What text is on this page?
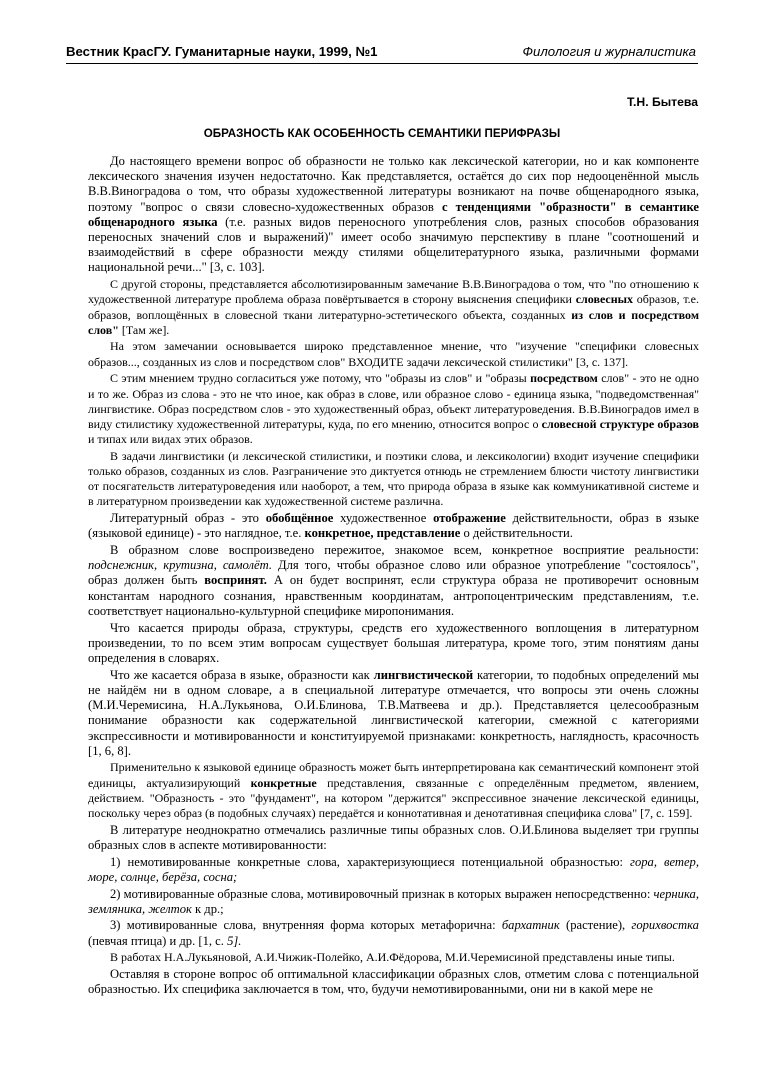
Вестник КрасГУ. Гуманитарные науки, 1999, №1	Филология и журналистика
Т.Н. Бытева
ОБРАЗНОСТЬ КАК ОСОБЕННОСТЬ СЕМАНТИКИ ПЕРИФРАЗЫ

До настоящего времени вопрос об образности не только как лексической категории, но и как компоненте лексического значения изучен недостаточно. Как представляется, остаётся до сих пор недооценённой мысль В.В.Виноградова о том, что образы художественной литературы возникают на почве общенародного языка, поэтому "вопрос о связи словесно-художественных образов с тенденциями "образности" в семантике общенародного языка (т.е. разных видов переносного употребления слов, разных способов образования переносных значений слов и выражений)" имеет особо значимую перспективу в плане "соотношений и взаимодействий в сфере образности между стилями общелитературного языка, различными формами национальной речи..." [3, с. 103].

С другой стороны, представляется абсолютизированным замечание В.В.Виноградова о том, что "по отношению к художественной литературе проблема образа повёртывается в сторону выяснения специфики словесных образов, т.е. образов, воплощённых в словесной ткани литературно-эстетического объекта, созданных из слов и посредством слов" [Там же].

На этом замечании основывается широко представленное мнение, что "изучение "специфики словесных образов..., созданных из слов и посредством слов" ВХОДИТЕ задачи лексической стилистики" [3, с. 137].

С этим мнением трудно согласиться уже потому, что "образы из слов" и "образы посредством слов" - это не одно и то же. Образ из слова - это не что иное, как образ в слове, или образное слово - единица языка, "подведомственная" лингвистике. Образ посредством слов - это художественный образ, объект литературоведения. В.В.Виноградов имел в виду стилистику художественной литературы, куда, по его мнению, относится вопрос о словесной структуре образов и типах или видах этих образов.

В задачи лингвистики (и лексической стилистики, и поэтики слова, и лексикологии) входит изучение специфики только образов, созданных из слов. Разграничение это диктуется отнюдь не стремлением блюсти чистоту лингвистики от посягательств литературоведения или наоборот, а тем, что природа образа в языке как коммуникативной системе и в литературном произведении как художественной системе различна.

Литературный образ - это обобщённое художественное отображение действительности, образ в языке (языковой единице) - это наглядное, т.е. конкретное, представление о действительности.

В образном слове воспроизведено пережитое, знакомое всем, конкретное восприятие реальности: подснежник, крутизна, самолёт. Для того, чтобы образное слово или образное употребление "состоялось", образ должен быть воспринят. А он будет воспринят, если структура образа не противоречит основным константам народного сознания, нравственным координатам, антропоцентрическим представлениям, т.е. соответствует национально-культурной специфике миропонимания.

Что касается природы образа, структуры, средств его художественного воплощения в литературном произведении, то по всем этим вопросам существует большая литература, кроме того, этим понятиям даны определения в словарях.

Что же касается образа в языке, образности как лингвистической категории, то подобных определений мы не найдём ни в одном словаре, а в специальной литературе отмечается, что вопросы эти очень сложны (М.И.Черемисина, Н.А.Лукьянова, О.И.Блинова, Т.В.Матвеева и др.). Представляется целесообразным понимание образности как содержательной лингвистической категории, смежной с категориями экспрессивности и мотивированности и конституируемой признаками: конкретность, наглядность, красочность [1, 6, 8].

Применительно к языковой единице образность может быть интерпретирована как семантический компонент этой единицы, актуализирующий конкретные представления, связанные с определённым предметом, явлением, действием. "Образность - это "фундамент", на котором "держится" экспрессивное значение лексической единицы, поскольку через образ (в подобных случаях) передаётся и коннотативная и денотативная специфика слова" [7, с. 159].

В литературе неоднократно отмечались различные типы образных слов. О.И.Блинова выделяет три группы образных слов в аспекте мотивированности:

1) немотивированные конкретные слова, характеризующиеся потенциальной образностью: гора, ветер, море, солнце, берёза, сосна;

2) мотивированные образные слова, мотивировочный признак в которых выражен непосредственно: черника, земляника, желток к др.;

3) мотивированные слова, внутренняя форма которых метафорична: бархатник (растение), горихвостка (певчая птица) и др. [1, с. 5].

В работах Н.А.Лукьяновой, А.И.Чижик-Полейко, А.И.Фёдорова, М.И.Черемисиной представлены иные типы.

Оставляя в стороне вопрос об оптимальной классификации образных слов, отметим слова с потенциальной образностью. Их специфика заключается в том, что, будучи немотивированными, они ни в какой мере не
